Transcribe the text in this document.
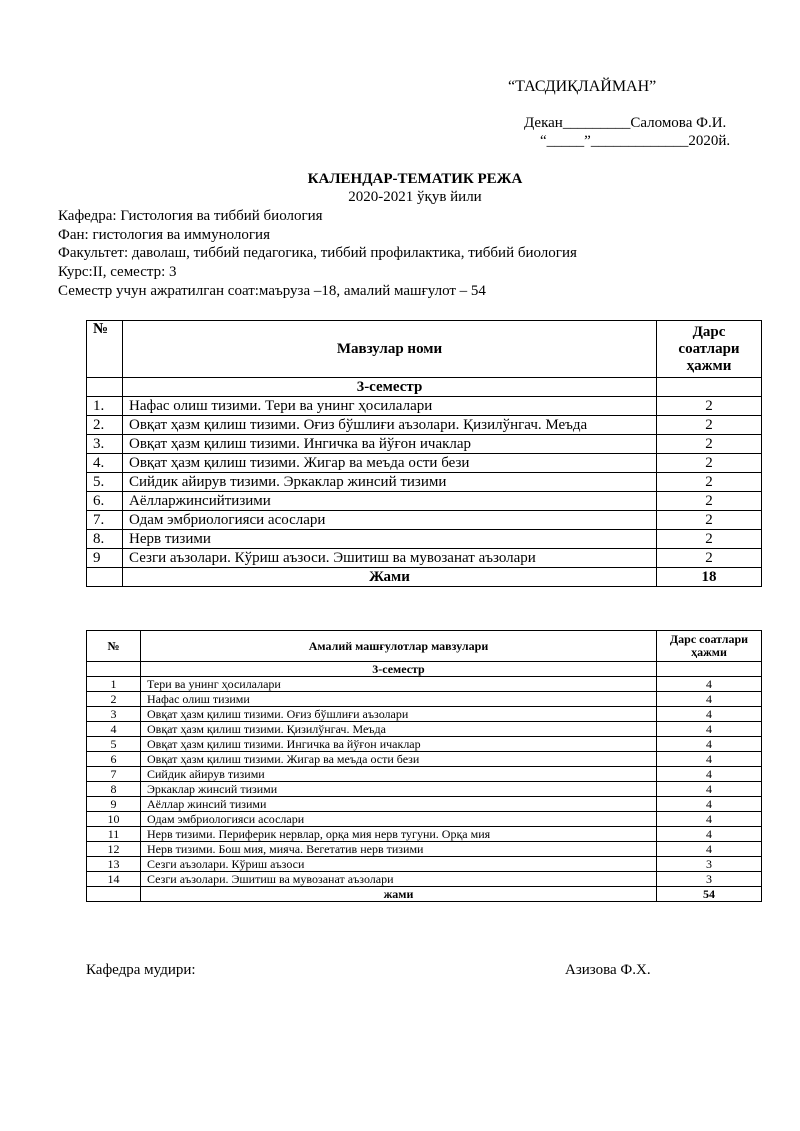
“ТАСДИҚЛАЙМАН”
Декан_________Саломова Ф.И.
“_____”_____________2020й.
КАЛЕНДАР-ТЕМАТИК РЕЖА
2020-2021 ўқув йили
Кафедра: Гистология ва тиббий биология
Фан: гистология ва иммунология
Факультет: даволаш, тиббий педагогика, тиббий профилактика, тиббий биология
Курс:II, семестр: 3
Семестр учун ажратилган соат:маъруза –18, амалий машғулот – 54
№	Мавзулар номи	Дарс соатлари ҳажми
	3-семестр	
1.	Нафас олиш тизими. Тери ва унинг ҳосилалари	2
2.	Овқат ҳазм қилиш тизими. Оғиз бўшлиғи аъзолари. Қизилўнгач. Меъда	2
3.	Овқат ҳазм қилиш тизими. Ингичка ва йўғон ичаклар	2
4.	Овқат ҳазм қилиш тизими. Жигар ва меъда ости бези	2
5.	Сийдик айирув тизими. Эркаклар жинсий тизими	2
6.	Аёлларжинсийтизими	2
7.	Одам эмбриологияси асослари	2
8.	Нерв тизими	2
9	Сезги аъзолари. Кўриш аъзоси. Эшитиш ва мувозанат аъзолари	2
	Жами	18
№	Амалий машғулотлар мавзулари	Дарс соатлари ҳажми
	3-семестр	
1	Тери ва унинг ҳосилалари	4
2	Нафас олиш тизими	4
3	Овқат ҳазм қилиш тизими. Оғиз бўшлиғи аъзолари	4
4	Овқат ҳазм қилиш тизими. Қизилўнгач. Меъда	4
5	Овқат ҳазм қилиш тизими. Ингичка ва йўғон ичаклар	4
6	Овқат ҳазм қилиш тизими. Жигар ва меъда ости бези	4
7	Сийдик айирув тизими	4
8	Эркаклар жинсий тизими	4
9	Аёллар жинсий тизими	4
10	Одам эмбриологияси асослари	4
11	Нерв тизими. Периферик нервлар, орқа мия нерв тугуни. Орқа мия	4
12	Нерв тизими. Бош мия, мияча. Вегетатив нерв тизими	4
13	Сезги аъзолари. Кўриш аъзоси	3
14	Сезги аъзолари. Эшитиш ва мувозанат аъзолари	3
	жами	54
Кафедра мудири:	Азизова Ф.Х.
